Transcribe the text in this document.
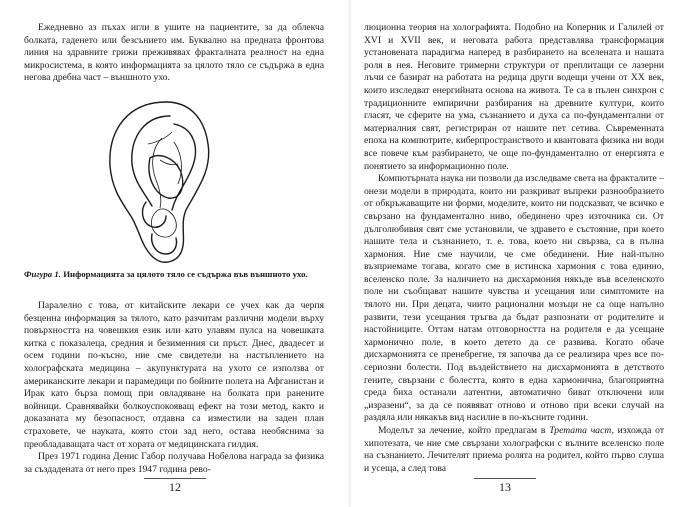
Ежедневно аз пъхах игли в ушите на пациентите, за да облекча болката, гаденето или безсънието им. Буквално на предната фронтова линия на здравните грижи преживявах фракталната реалност на една микросистема, в която информацията за цялото тяло се съдържа в една негова дребна част – външното ухо.

Фигура 1. Информацията за цялото тяло се съдържа във външното ухо.

Паралелно с това, от китайските лекари се учех как да черпя безценна информация за тялото, като разчитам различни модели върху повърхността на човешкия език или като улавям пулса на човешката китка с показалеца, средния и безименния си пръст. Днес, двадесет и осем години по-късно, ние сме свидетели на настъплението на холографската медицина – акупунктурата на ухото се използва от американските лекари и парамедици по бойните полета на Афганистан и Ирак като бърза помощ при овладяване на болката при ранените войници. Сравнявайки болкоуспокояващ ефект на този метод, както и доказаната му безопасност, отдавна са изместили на заден план страховете, че науката, която стои зад него, остава необяснима за преобладаващата част от хората от медицинската гилдия.

През 1971 година Денис Габор получава Нобелова награда за физика за създадената от него през 1947 година рево-

12

люционна теория на холографията. Подобно на Коперник и Галилей от XVI и XVII век, и неговата работа представлява трансформация установената парадигма наперед в разбирането на вселената и нашата роля в нея. Неговите тримерни структури от преплитащи се лазерни лъчи се базират на работата на редица други водещи учени от XX век, които изследват енергийната основа на живота. Те са в пълен синхрон с традиционните емпирични разбирания на древните култури, които гласят, че сферите на ума, съзнанието и духа са по-фундаментални от материалния свят, регистриран от нашите пет сетива. Съвременната епоха на компютрите, киберпространството и квантовата физика ни води все повече към разбирането, че още по-фундаментално от енергията е понятието за информационно поле.

Компютърната наука ни позволи да изследваме света на фракталите – онези модели в природата, които ни разкриват въпреки разнообразието от обкръжаващите ни форми, моделите, които ни подсказват, че всичко е свързано на фундаментално ниво, обединено чрез източника си. От дълголюбивия свят сме установили, че здравето е състояние, при което нашите тела и съзнанието, т. е. това, което ни свързва, са в пълна хармония. Ние сме научили, че сме обединени. Ние най-пълно възприемаме тогава, когато сме в истинска хармония с това единно, вселенско поле. За наличието на дисхармония някъде във вселенското поле ни съобщават нашите чувства и усещания или симптомите на тялото ни. При децата, чиито рационални мозъци не са още напълно развити, тези усещания тръгва да бъдат разпознати от родителите и настойниците. Оттам натам отговорността на родителя е да усещане хармонично поле, в което детето да се развива. Когато обаче дисхармонията се пренебрегне, тя започва да се реализира чрез все по-сериозни болести. Под въздействието на дисхармонията в детството гените, свързани с болестта, която в една хармонична, благоприятна среда биха останали латентни, автоматично биват отключени или „изразени“, за да се появяват отново и отново при всеки случай на раздяла или някакъв вид насилие в по-късните години.

Моделът за лечение, който предлагам в Третата част, изхожда от хипотезата, че ние сме свързани холографски с вълните вселенско поле на съзнанието. Лечителят приема ролята на родител, който първо слуша и усеща, а след това

13
